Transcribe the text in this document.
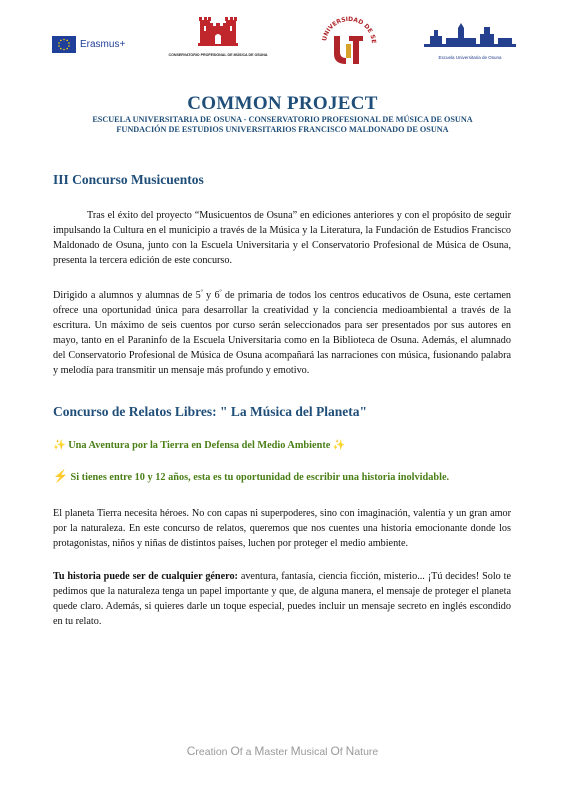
Erasmus+
CONSERVATORIO PROFESIONAL DE MÚSICA DE OSUNA
UNIVERSIDAD DE SE
Escuela Universitaria de Osuna
COMMON PROJECT
ESCUELA UNIVERSITARIA DE OSUNA - CONSERVATORIO PROFESIONAL DE MÚSICA DE OSUNA
FUNDACIÓN DE ESTUDIOS UNIVERSITARIOS FRANCISCO MALDONADO DE OSUNA
III Concurso Musicuentos

Tras el éxito del proyecto “Musicuentos de Osuna” en ediciones anteriores y con el propósito de seguir impulsando la Cultura en el municipio a través de la Música y la Literatura, la Fundación de Estudios Francisco Maldonado de Osuna, junto con la Escuela Universitaria y el Conservatorio Profesional de Música de Osuna, presenta la tercera edición de este concurso.

Dirigido a alumnos y alumnas de $5^º$ y $6^º$ de primaria de todos los centros educativos de Osuna, este certamen ofrece una oportunidad única para desarrollar la creatividad y la conciencia medioambiental a través de la escritura. Un máximo de seis cuentos por curso serán seleccionados para ser presentados por sus autores en mayo, tanto en el Paraninfo de la Escuela Universitaria como en la Biblioteca de Osuna. Además, el alumnado del Conservatorio Profesional de Música de Osuna acompañará las narraciones con música, fusionando palabra y melodía para transmitir un mensaje más profundo y emotivo.

Concurso de Relatos Libres: " La Música del Planeta"

✨ Una Aventura por la Tierra en Defensa del Medio Ambiente ✨

⚡ Si tienes entre 10 y 12 años, esta es tu oportunidad de escribir una historia inolvidable.

El planeta Tierra necesita héroes. No con capas ni superpoderes, sino con imaginación, valentía y un gran amor por la naturaleza. En este concurso de relatos, queremos que nos cuentes una historia emocionante donde los protagonistas, niños y niñas de distintos países, luchen por proteger el medio ambiente.

Tu historia puede ser de cualquier género: aventura, fantasía, ciencia ficción, misterio... ¡Tú decides! Solo te pedimos que la naturaleza tenga un papel importante y que, de alguna manera, el mensaje de proteger el planeta quede claro. Además, si quieres darle un toque especial, puedes incluir un mensaje secreto en inglés escondido en tu relato.

Creation Of a Master Musical Of Nature
